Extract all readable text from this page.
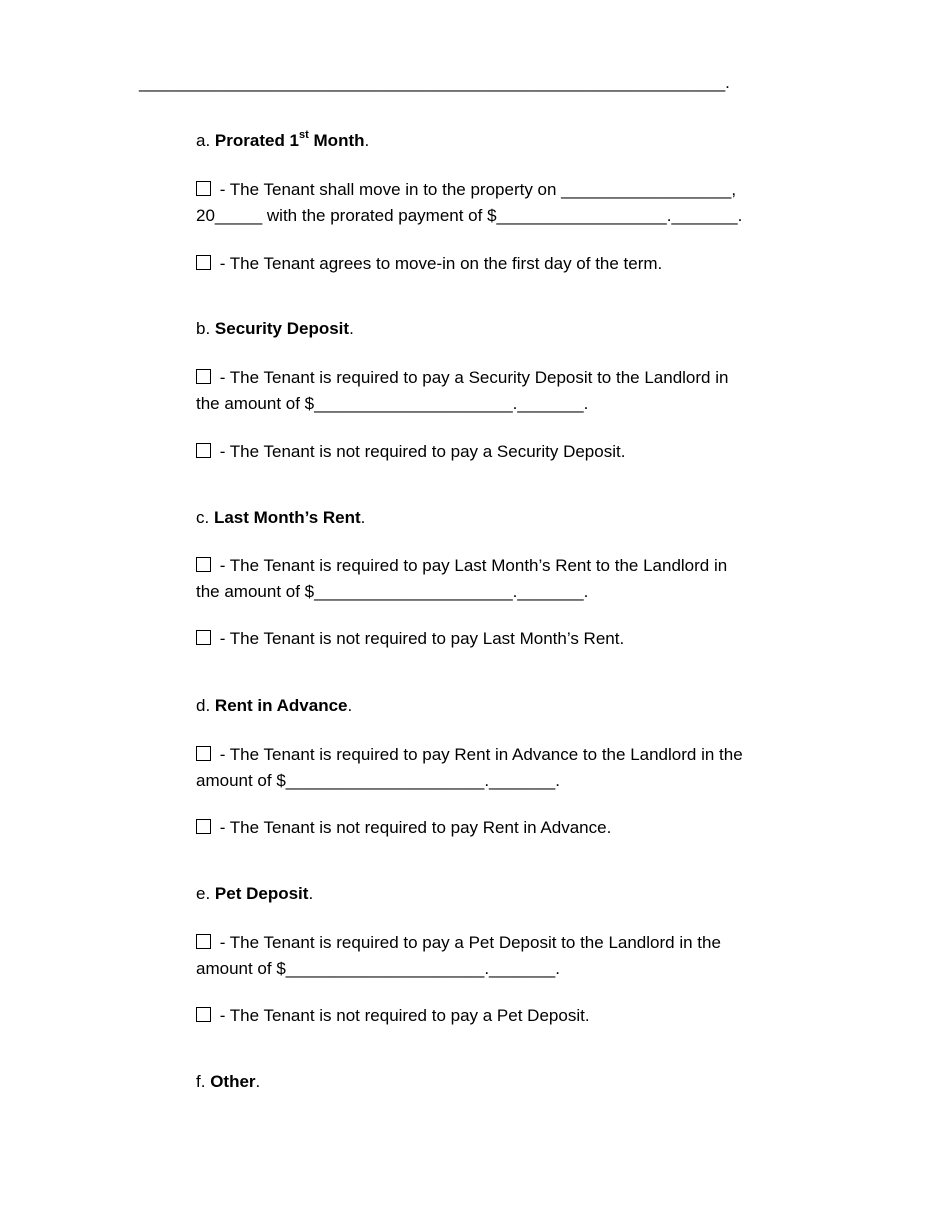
______________________________________________________________.

a. Prorated 1st Month.

- The Tenant shall move in to the property on __________________,
20_____ with the prorated payment of $__________________._______.
- The Tenant agrees to move-in on the first day of the term.

b. Security Deposit.

- The Tenant is required to pay a Security Deposit to the Landlord in
the amount of $_____________________._______.
- The Tenant is not required to pay a Security Deposit.

c. Last Month’s Rent.

- The Tenant is required to pay Last Month’s Rent to the Landlord in
the amount of $_____________________._______.
- The Tenant is not required to pay Last Month’s Rent.

d. Rent in Advance.

- The Tenant is required to pay Rent in Advance to the Landlord in the
amount of $_____________________._______.
- The Tenant is not required to pay Rent in Advance.

e. Pet Deposit.

- The Tenant is required to pay a Pet Deposit to the Landlord in the
amount of $_____________________._______.
- The Tenant is not required to pay a Pet Deposit.

f. Other.
